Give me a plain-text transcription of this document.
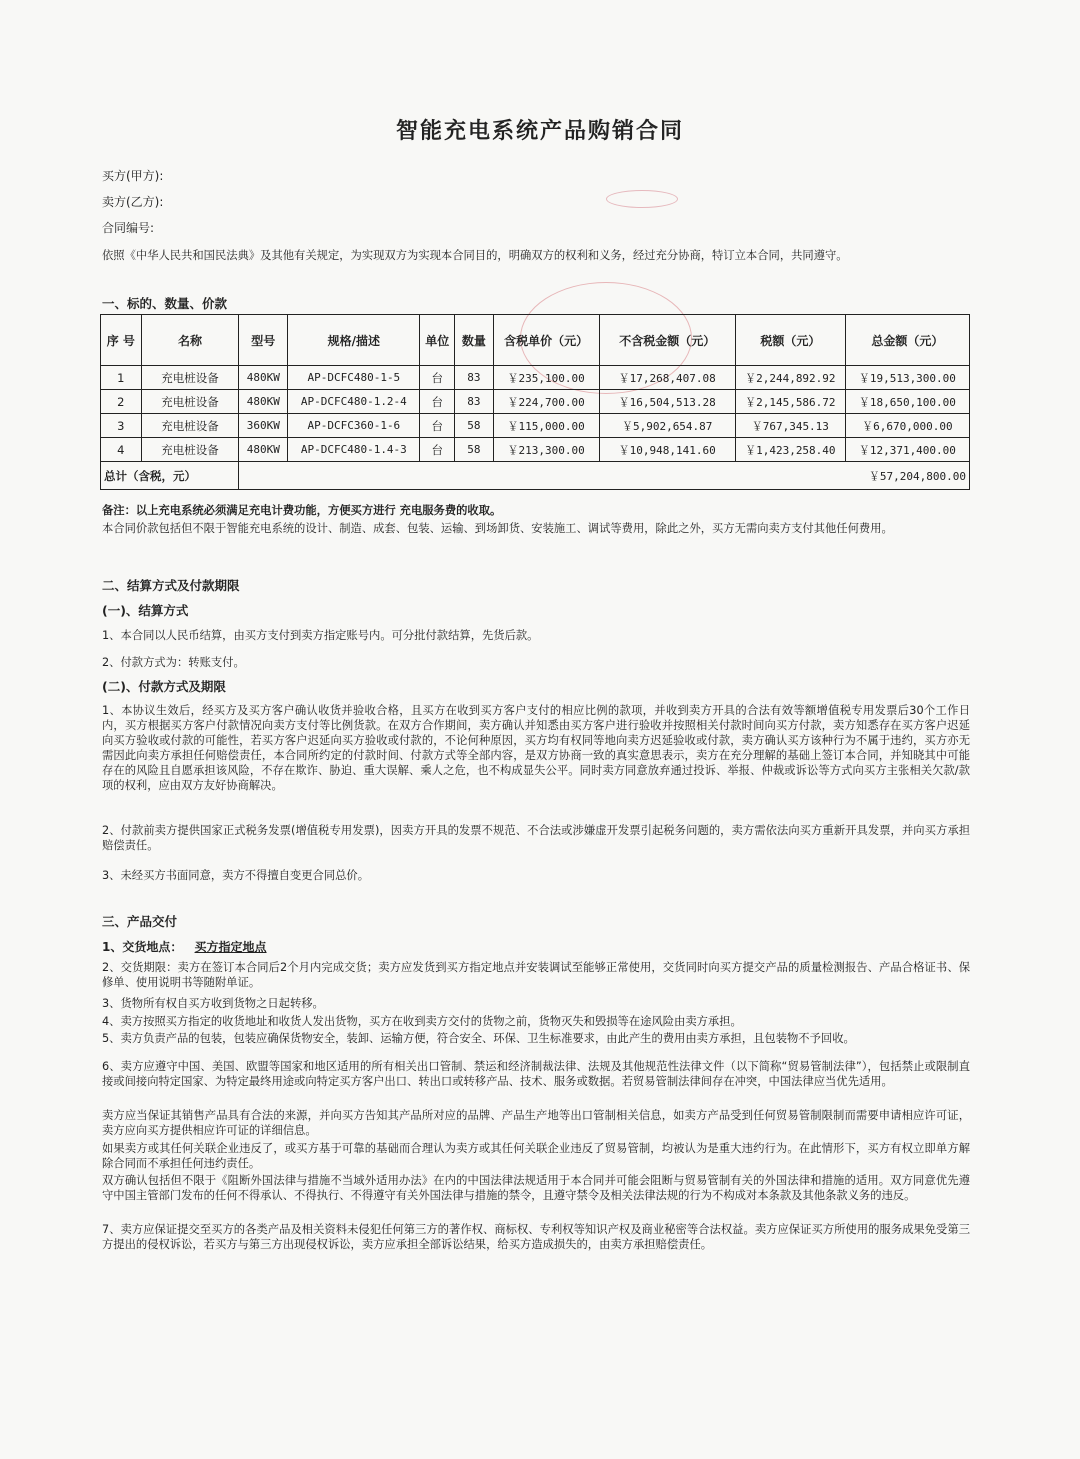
智能充电系统产品购销合同
买方(甲方):
卖方(乙方):
合同编号:
依照《中华人民共和国民法典》及其他有关规定，为实现双方为实现本合同目的，明确双方的权利和义务，经过充分协商，特订立本合同，共同遵守。
一、标的、数量、价款
序 号	名称	型号	规格/描述	单位	数量	含税单价（元）	不含税金额（元）	税额（元）	总金额（元）
1	充电桩设备	480KW	AP-DCFC480-1-5	台	83	￥235,100.00	￥17,268,407.08	￥2,244,892.92	￥19,513,300.00
2	充电桩设备	480KW	AP-DCFC480-1.2-4	台	83	￥224,700.00	￥16,504,513.28	￥2,145,586.72	￥18,650,100.00
3	充电桩设备	360KW	AP-DCFC360-1-6	台	58	￥115,000.00	￥5,902,654.87	￥767,345.13	￥6,670,000.00
4	充电桩设备	480KW	AP-DCFC480-1.4-3	台	58	￥213,300.00	￥10,948,141.60	￥1,423,258.40	￥12,371,400.00
总计（含税，元）		￥57,204,800.00							
备注：以上充电系统必须满足充电计费功能，方便买方进行 充电服务费的收取。
本合同价款包括但不限于智能充电系统的设计、制造、成套、包装、运输、到场卸货、安装施工、调试等费用，除此之外，买方无需向卖方支付其他任何费用。
二、结算方式及付款期限
(一)、结算方式
1、本合同以人民币结算，由买方支付到卖方指定账号内。可分批付款结算，先货后款。
2、付款方式为：转账支付。
(二)、付款方式及期限
1、本协议生效后，经买方及买方客户确认收货并验收合格，且买方在收到买方客户支付的相应比例的款项，并收到卖方开具的合法有效等额增值税专用发票后30个工作日内，买方根据买方客户付款情况向卖方支付等比例货款。在双方合作期间，卖方确认并知悉由买方客户进行验收并按照相关付款时间向买方付款，卖方知悉存在买方客户迟延向买方验收或付款的可能性，若买方客户迟延向买方验收或付款的，不论何种原因，买方均有权同等地向卖方迟延验收或付款，卖方确认买方该种行为不属于违约，买方亦无需因此向卖方承担任何赔偿责任，本合同所约定的付款时间、付款方式等全部内容，是双方协商一致的真实意思表示，卖方在充分理解的基础上签订本合同，并知晓其中可能存在的风险且自愿承担该风险，不存在欺诈、胁迫、重大误解、乘人之危，也不构成显失公平。同时卖方同意放弃通过投诉、举报、仲裁或诉讼等方式向买方主张相关欠款/款项的权利，应由双方友好协商解决。
2、付款前卖方提供国家正式税务发票(增值税专用发票)，因卖方开具的发票不规范、不合法或涉嫌虚开发票引起税务问题的，卖方需依法向买方重新开具发票，并向买方承担赔偿责任。
3、未经买方书面同意，卖方不得擅自变更合同总价。
三、产品交付
1、交货地点： 买方指定地点
2、交货期限：卖方在签订本合同后2个月内完成交货；卖方应发货到买方指定地点并安装调试至能够正常使用，交货同时向买方提交产品的质量检测报告、产品合格证书、保修单、使用说明书等随附单证。
3、货物所有权自买方收到货物之日起转移。
4、卖方按照买方指定的收货地址和收货人发出货物，买方在收到卖方交付的货物之前，货物灭失和毁损等在途风险由卖方承担。
5、卖方负责产品的包装，包装应确保货物安全，装卸、运输方便，符合安全、环保、卫生标准要求，由此产生的费用由卖方承担，且包装物不予回收。
6、卖方应遵守中国、美国、欧盟等国家和地区适用的所有相关出口管制、禁运和经济制裁法律、法规及其他规范性法律文件（以下简称“贸易管制法律”），包括禁止或限制直接或间接向特定国家、为特定最终用途或向特定买方客户出口、转出口或转移产品、技术、服务或数据。若贸易管制法律间存在冲突，中国法律应当优先适用。
卖方应当保证其销售产品具有合法的来源，并向买方告知其产品所对应的品牌、产品生产地等出口管制相关信息，如卖方产品受到任何贸易管制限制而需要申请相应许可证，卖方应向买方提供相应许可证的详细信息。
如果卖方或其任何关联企业违反了，或买方基于可靠的基础而合理认为卖方或其任何关联企业违反了贸易管制，均被认为是重大违约行为。在此情形下，买方有权立即单方解除合同而不承担任何违约责任。
双方确认包括但不限于《阻断外国法律与措施不当域外适用办法》在内的中国法律法规适用于本合同并可能会阻断与贸易管制有关的外国法律和措施的适用。双方同意优先遵守中国主管部门发布的任何不得承认、不得执行、不得遵守有关外国法律与措施的禁令，且遵守禁令及相关法律法规的行为不构成对本条款及其他条款义务的违反。
7、卖方应保证提交至买方的各类产品及相关资料未侵犯任何第三方的著作权、商标权、专利权等知识产权及商业秘密等合法权益。卖方应保证买方所使用的服务成果免受第三方提出的侵权诉讼，若买方与第三方出现侵权诉讼，卖方应承担全部诉讼结果，给买方造成损失的，由卖方承担赔偿责任。
